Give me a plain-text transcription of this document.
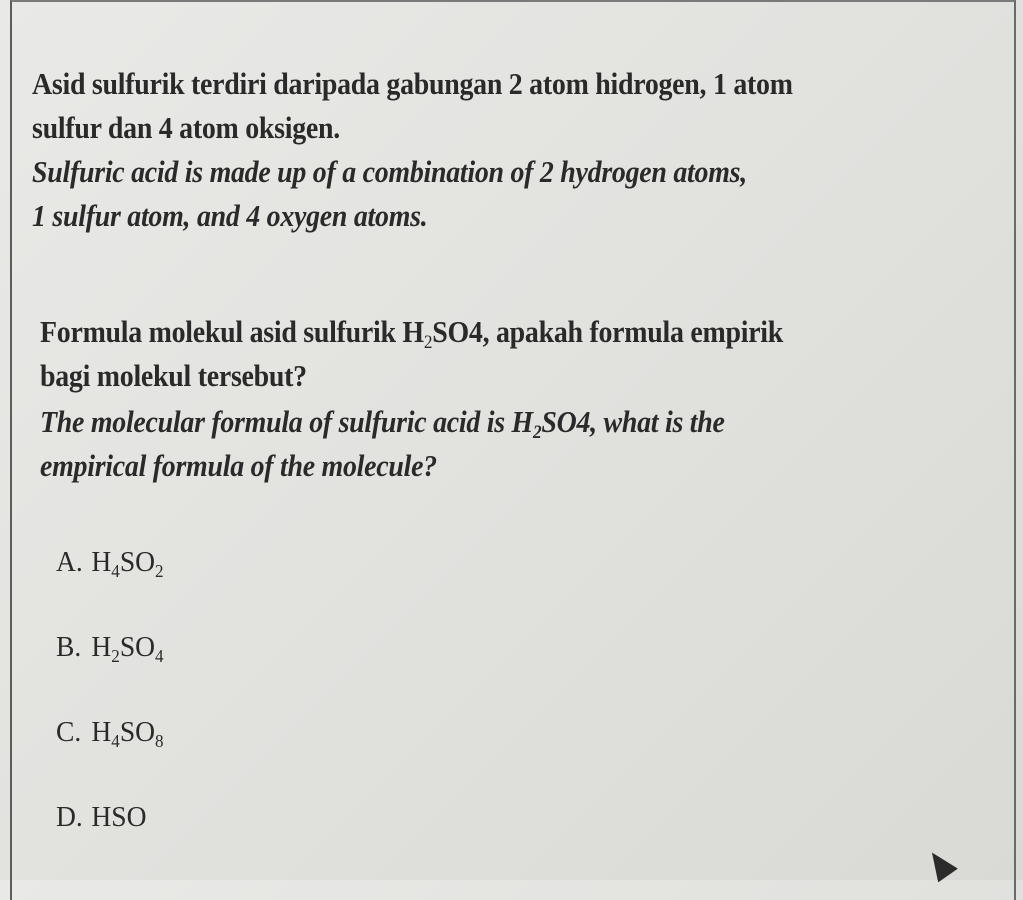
Asid sulfurik terdiri daripada gabungan 2 atom hidrogen, 1 atom
sulfur dan 4 atom oksigen.
Sulfuric acid is made up of a combination of 2 hydrogen atoms,
1 sulfur atom, and 4 oxygen atoms.
Formula molekul asid sulfurik $H_2SO4$, apakah formula empirik
bagi molekul tersebut?
The molecular formula of sulfuric acid is $H_2SO4$, what is the
empirical formula of the molecule?
A. $H_4SO_2$
B. $H_2SO_4$
C. $H_4SO_8$
D. HSO
